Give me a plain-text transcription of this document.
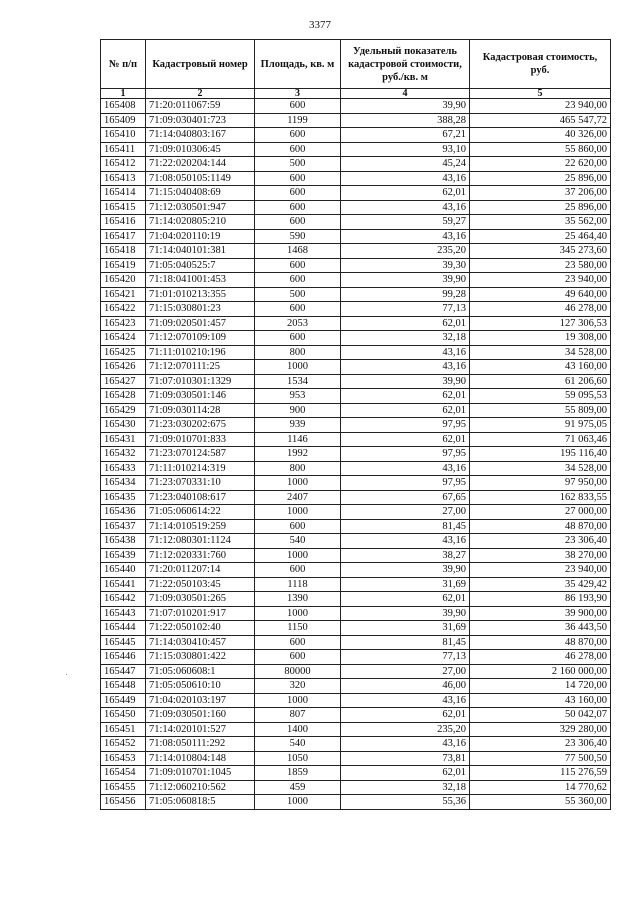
3377
№ п/п	Кадастровый номер	Площадь, кв. м	Удельный показатель кадастровой стоимости, руб./кв. м	Кадастровая стоимость, руб.
1	2	3	4	5
165408	71:20:011067:59	600	39,90	23 940,00
165409	71:09:030401:723	1199	388,28	465 547,72
165410	71:14:040803:167	600	67,21	40 326,00
165411	71:09:010306:45	600	93,10	55 860,00
165412	71:22:020204:144	500	45,24	22 620,00
165413	71:08:050105:1149	600	43,16	25 896,00
165414	71:15:040408:69	600	62,01	37 206,00
165415	71:12:030501:947	600	43,16	25 896,00
165416	71:14:020805:210	600	59,27	35 562,00
165417	71:04:020110:19	590	43,16	25 464,40
165418	71:14:040101:381	1468	235,20	345 273,60
165419	71:05:040525:7	600	39,30	23 580,00
165420	71:18:041001:453	600	39,90	23 940,00
165421	71:01:010213:355	500	99,28	49 640,00
165422	71:15:030801:23	600	77,13	46 278,00
165423	71:09:020501:457	2053	62,01	127 306,53
165424	71:12:070109:109	600	32,18	19 308,00
165425	71:11:010210:196	800	43,16	34 528,00
165426	71:12:070111:25	1000	43,16	43 160,00
165427	71:07:010301:1329	1534	39,90	61 206,60
165428	71:09:030501:146	953	62,01	59 095,53
165429	71:09:030114:28	900	62,01	55 809,00
165430	71:23:030202:675	939	97,95	91 975,05
165431	71:09:010701:833	1146	62,01	71 063,46
165432	71:23:070124:587	1992	97,95	195 116,40
165433	71:11:010214:319	800	43,16	34 528,00
165434	71:23:070331:10	1000	97,95	97 950,00
165435	71:23:040108:617	2407	67,65	162 833,55
165436	71:05:060614:22	1000	27,00	27 000,00
165437	71:14:010519:259	600	81,45	48 870,00
165438	71:12:080301:1124	540	43,16	23 306,40
165439	71:12:020331:760	1000	38,27	38 270,00
165440	71:20:011207:14	600	39,90	23 940,00
165441	71:22:050103:45	1118	31,69	35 429,42
165442	71:09:030501:265	1390	62,01	86 193,90
165443	71:07:010201:917	1000	39,90	39 900,00
165444	71:22:050102:40	1150	31,69	36 443,50
165445	71:14:030410:457	600	81,45	48 870,00
165446	71:15:030801:422	600	77,13	46 278,00
165447	71:05:060608:1	80000	27,00	2 160 000,00
165448	71:05:050610:10	320	46,00	14 720,00
165449	71:04:020103:197	1000	43,16	43 160,00
165450	71:09:030501:160	807	62,01	50 042,07
165451	71:14:020101:527	1400	235,20	329 280,00
165452	71:08:050111:292	540	43,16	23 306,40
165453	71:14:010804:148	1050	73,81	77 500,50
165454	71:09:010701:1045	1859	62,01	115 276,59
165455	71:12:060210:562	459	32,18	14 770,62
165456	71:05:060818:5	1000	55,36	55 360,00
